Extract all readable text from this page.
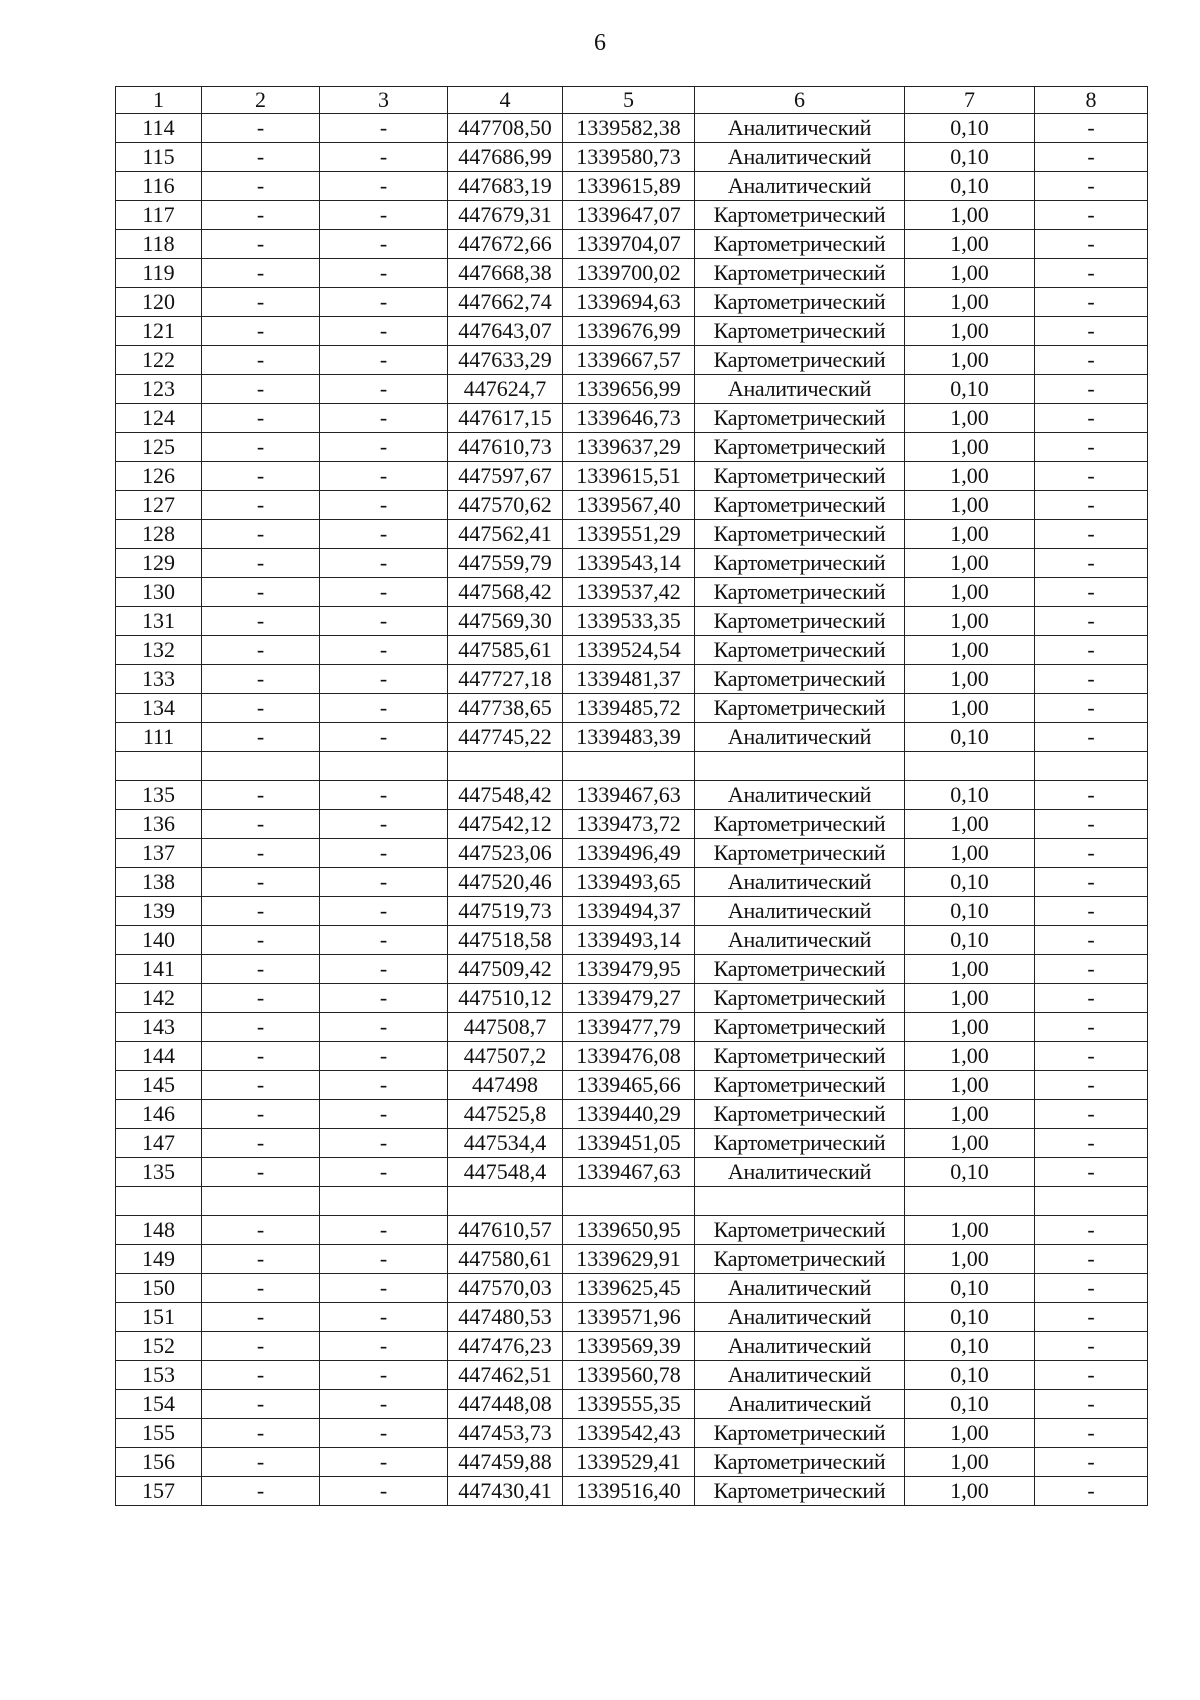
6
1	2	3	4	5	6	7	8
114	-	-	447708,50	1339582,38	Аналитический	0,10	-
115	-	-	447686,99	1339580,73	Аналитический	0,10	-
116	-	-	447683,19	1339615,89	Аналитический	0,10	-
117	-	-	447679,31	1339647,07	Картометрический	1,00	-
118	-	-	447672,66	1339704,07	Картометрический	1,00	-
119	-	-	447668,38	1339700,02	Картометрический	1,00	-
120	-	-	447662,74	1339694,63	Картометрический	1,00	-
121	-	-	447643,07	1339676,99	Картометрический	1,00	-
122	-	-	447633,29	1339667,57	Картометрический	1,00	-
123	-	-	447624,7	1339656,99	Аналитический	0,10	-
124	-	-	447617,15	1339646,73	Картометрический	1,00	-
125	-	-	447610,73	1339637,29	Картометрический	1,00	-
126	-	-	447597,67	1339615,51	Картометрический	1,00	-
127	-	-	447570,62	1339567,40	Картометрический	1,00	-
128	-	-	447562,41	1339551,29	Картометрический	1,00	-
129	-	-	447559,79	1339543,14	Картометрический	1,00	-
130	-	-	447568,42	1339537,42	Картометрический	1,00	-
131	-	-	447569,30	1339533,35	Картометрический	1,00	-
132	-	-	447585,61	1339524,54	Картометрический	1,00	-
133	-	-	447727,18	1339481,37	Картометрический	1,00	-
134	-	-	447738,65	1339485,72	Картометрический	1,00	-
111	-	-	447745,22	1339483,39	Аналитический	0,10	-

135	-	-	447548,42	1339467,63	Аналитический	0,10	-
136	-	-	447542,12	1339473,72	Картометрический	1,00	-
137	-	-	447523,06	1339496,49	Картометрический	1,00	-
138	-	-	447520,46	1339493,65	Аналитический	0,10	-
139	-	-	447519,73	1339494,37	Аналитический	0,10	-
140	-	-	447518,58	1339493,14	Аналитический	0,10	-
141	-	-	447509,42	1339479,95	Картометрический	1,00	-
142	-	-	447510,12	1339479,27	Картометрический	1,00	-
143	-	-	447508,7	1339477,79	Картометрический	1,00	-
144	-	-	447507,2	1339476,08	Картометрический	1,00	-
145	-	-	447498	1339465,66	Картометрический	1,00	-
146	-	-	447525,8	1339440,29	Картометрический	1,00	-
147	-	-	447534,4	1339451,05	Картометрический	1,00	-
135	-	-	447548,4	1339467,63	Аналитический	0,10	-

148	-	-	447610,57	1339650,95	Картометрический	1,00	-
149	-	-	447580,61	1339629,91	Картометрический	1,00	-
150	-	-	447570,03	1339625,45	Аналитический	0,10	-
151	-	-	447480,53	1339571,96	Аналитический	0,10	-
152	-	-	447476,23	1339569,39	Аналитический	0,10	-
153	-	-	447462,51	1339560,78	Аналитический	0,10	-
154	-	-	447448,08	1339555,35	Аналитический	0,10	-
155	-	-	447453,73	1339542,43	Картометрический	1,00	-
156	-	-	447459,88	1339529,41	Картометрический	1,00	-
157	-	-	447430,41	1339516,40	Картометрический	1,00	-
